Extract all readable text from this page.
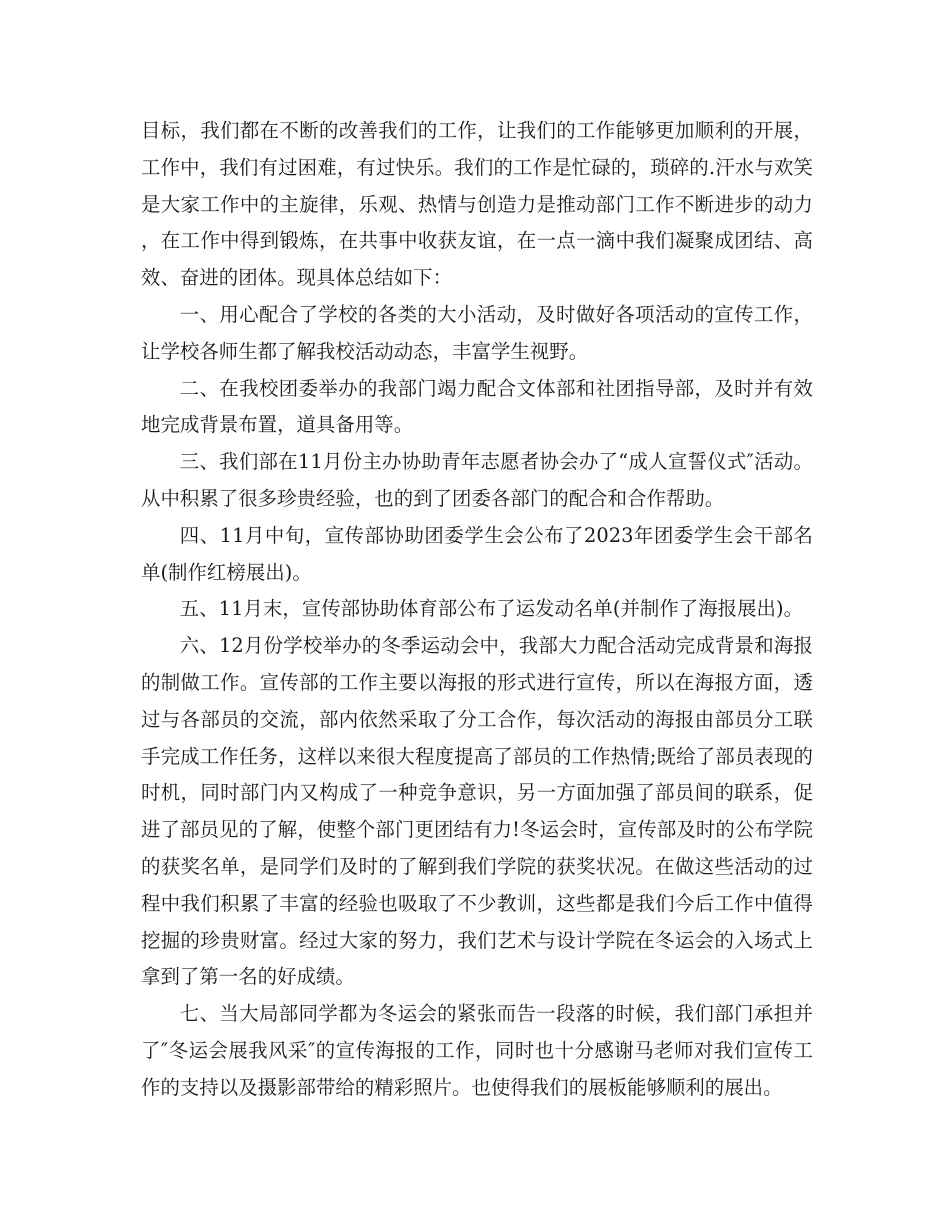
目标，我们都在不断的改善我们的工作，让我们的工作能够更加顺利的开展，工作中，我们有过困难，有过快乐。我们的工作是忙碌的，琐碎的.汗水与欢笑是大家工作中的主旋律，乐观、热情与创造力是推动部门工作不断进步的动力，在工作中得到锻炼，在共事中收获友谊，在一点一滴中我们凝聚成团结、高效、奋进的团体。现具体总结如下：

一、用心配合了学校的各类的大小活动，及时做好各项活动的宣传工作，让学校各师生都了解我校活动动态，丰富学生视野。

二、在我校团委举办的我部门竭力配合文体部和社团指导部，及时并有效地完成背景布置，道具备用等。

三、我们部在11月份主办协助青年志愿者协会办了“成人宣誓仪式″活动。从中积累了很多珍贵经验，也的到了团委各部门的配合和合作帮助。

四、11月中旬，宣传部协助团委学生会公布了2023年团委学生会干部名单(制作红榜展出)。

五、11月末，宣传部协助体育部公布了运发动名单(并制作了海报展出)。

六、12月份学校举办的冬季运动会中，我部大力配合活动完成背景和海报的制做工作。宣传部的工作主要以海报的形式进行宣传，所以在海报方面，透过与各部员的交流，部内依然采取了分工合作，每次活动的海报由部员分工联手完成工作任务，这样以来很大程度提高了部员的工作热情;既给了部员表现的时机，同时部门内又构成了一种竞争意识，另一方面加强了部员间的联系，促进了部员见的了解，使整个部门更团结有力!冬运会时，宣传部及时的公布学院的获奖名单，是同学们及时的了解到我们学院的获奖状况。在做这些活动的过程中我们积累了丰富的经验也吸取了不少教训，这些都是我们今后工作中值得挖掘的珍贵财富。经过大家的努力，我们艺术与设计学院在冬运会的入场式上拿到了第一名的好成绩。

七、当大局部同学都为冬运会的紧张而告一段落的时候，我们部门承担并了″冬运会展我风采″的宣传海报的工作，同时也十分感谢马老师对我们宣传工作的支持以及摄影部带给的精彩照片。也使得我们的展板能够顺利的展出。
